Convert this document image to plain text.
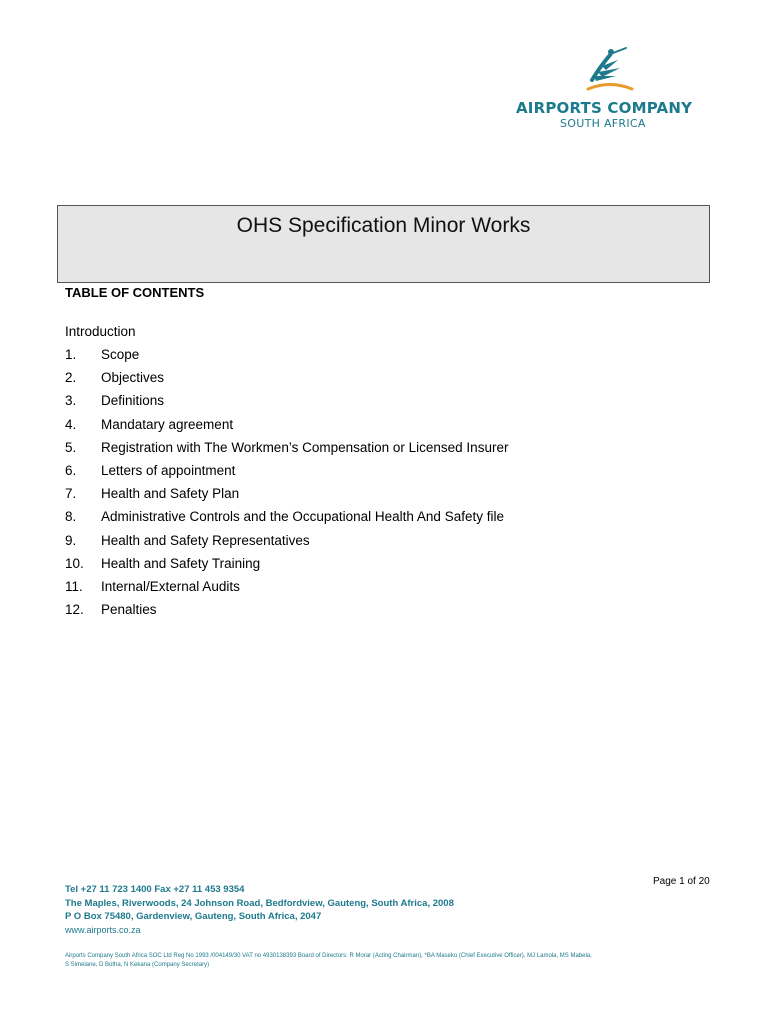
AIRPORTS COMPANY
SOUTH AFRICA
OHS Specification Minor Works
TABLE OF CONTENTS
Introduction
1. Scope
2. Objectives
3. Definitions
4. Mandatary agreement
5. Registration with The Workmen’s Compensation or Licensed Insurer
6. Letters of appointment
7. Health and Safety Plan
8. Administrative Controls and the Occupational Health And Safety file
9. Health and Safety Representatives
10. Health and Safety Training
11. Internal/External Audits
12. Penalties
Page 1 of 20
Tel +27 11 723 1400 Fax +27 11 453 9354
The Maples, Riverwoods, 24 Johnson Road, Bedfordview, Gauteng, South Africa, 2008
P O Box 75480, Gardenview, Gauteng, South Africa, 2047
www.airports.co.za
Airports Company South Africa SOC Ltd Reg No 1993 /004149/30 VAT no 4930138393 Board of Directors: R Morar (Acting Chairman), *BA Maseko (Chief Executive Officer), MJ Lamola, MS Mabela,
S Simelane, D Botha, N Kekana (Company Secretary)
